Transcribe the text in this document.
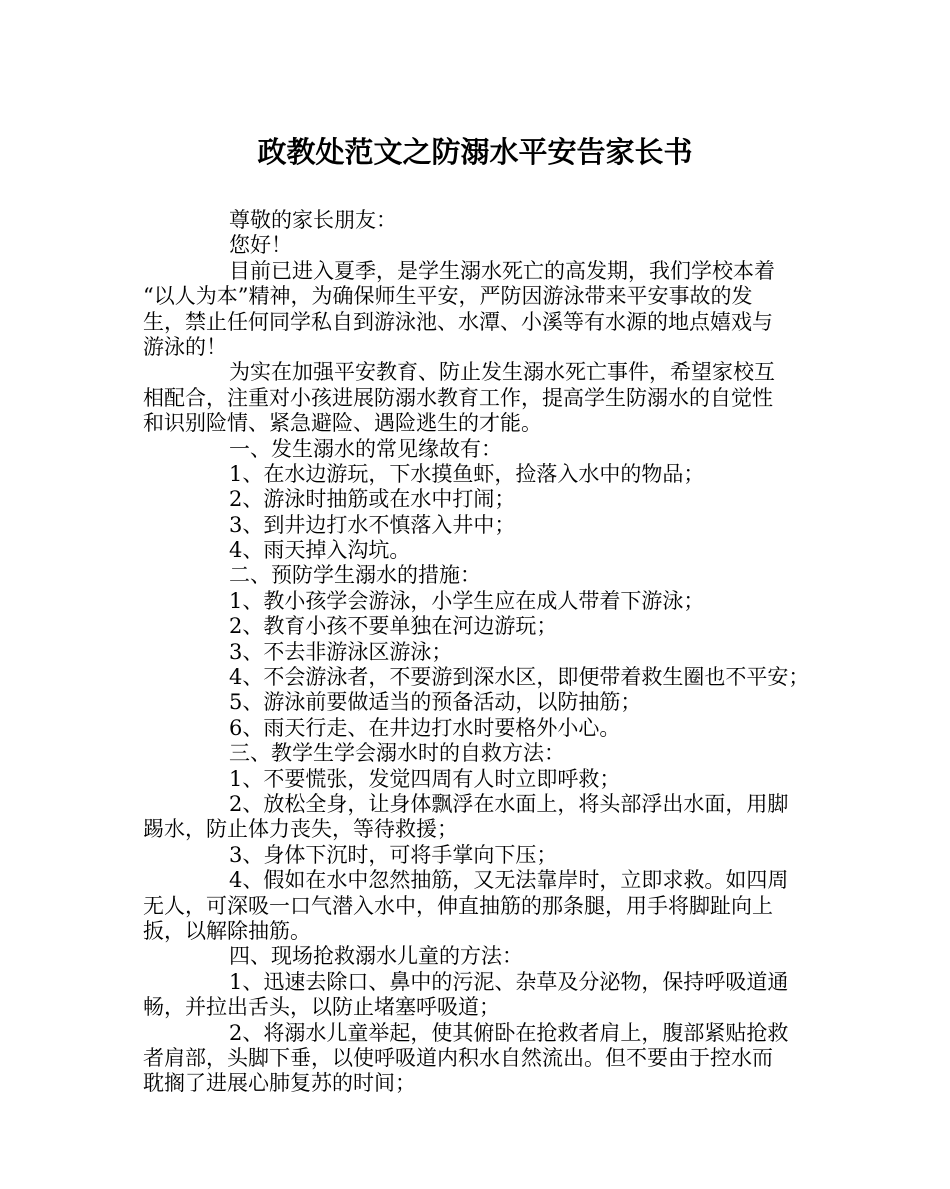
政教处范文之防溺水平安告家长书
尊敬的家长朋友：
您好！
目前已进入夏季，是学生溺水死亡的高发期，我们学校本着
“以人为本”精神，为确保师生平安，严防因游泳带来平安事故的发
生，禁止任何同学私自到游泳池、水潭、小溪等有水源的地点嬉戏与
游泳的！
为实在加强平安教育、防止发生溺水死亡事件，希望家校互
相配合，注重对小孩进展防溺水教育工作，提高学生防溺水的自觉性
和识别险情、紧急避险、遇险逃生的才能。
一、发生溺水的常见缘故有：
1、在水边游玩，下水摸鱼虾，捡落入水中的物品；
2、游泳时抽筋或在水中打闹；
3、到井边打水不慎落入井中；
4、雨天掉入沟坑。
二、预防学生溺水的措施：
1、教小孩学会游泳，小学生应在成人带着下游泳；
2、教育小孩不要单独在河边游玩；
3、不去非游泳区游泳；
4、不会游泳者，不要游到深水区，即便带着救生圈也不平安；
5、游泳前要做适当的预备活动，以防抽筋；
6、雨天行走、在井边打水时要格外小心。
三、教学生学会溺水时的自救方法：
1、不要慌张，发觉四周有人时立即呼救；
2、放松全身，让身体飘浮在水面上，将头部浮出水面，用脚
踢水，防止体力丧失，等待救援；
3、身体下沉时，可将手掌向下压；
4、假如在水中忽然抽筋，又无法靠岸时，立即求救。如四周
无人，可深吸一口气潜入水中，伸直抽筋的那条腿，用手将脚趾向上
扳，以解除抽筋。
四、现场抢救溺水儿童的方法：
1、迅速去除口、鼻中的污泥、杂草及分泌物，保持呼吸道通
畅，并拉出舌头，以防止堵塞呼吸道；
2、将溺水儿童举起，使其俯卧在抢救者肩上，腹部紧贴抢救
者肩部，头脚下垂，以使呼吸道内积水自然流出。但不要由于控水而
耽搁了进展心肺复苏的时间；
